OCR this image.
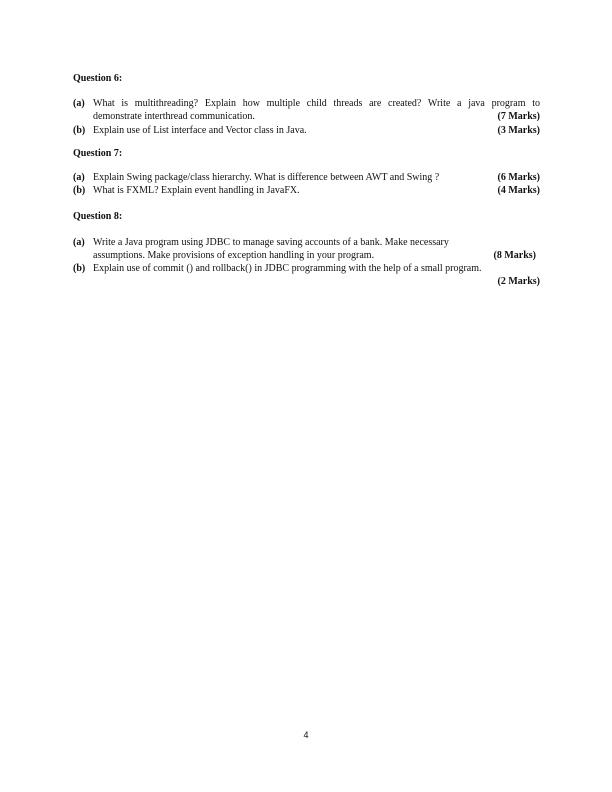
Question 6:
(a) What is multithreading? Explain how multiple child threads are created? Write a java program to
demonstrate interthread communication.	(7 Marks)
(b) Explain use of List interface and Vector class in Java.	(3 Marks)
Question 7:
(a) Explain Swing package/class hierarchy. What is difference between AWT and Swing ?	(6 Marks)
(b) What is FXML? Explain event handling in JavaFX.	(4 Marks)
Question 8:
(a) Write a Java program using JDBC to manage saving accounts of a bank. Make necessary
assumptions. Make provisions of exception handling in your program.	(8 Marks)
(b) Explain use of commit () and rollback() in JDBC programming with the help of a small program.
(2 Marks)
4
